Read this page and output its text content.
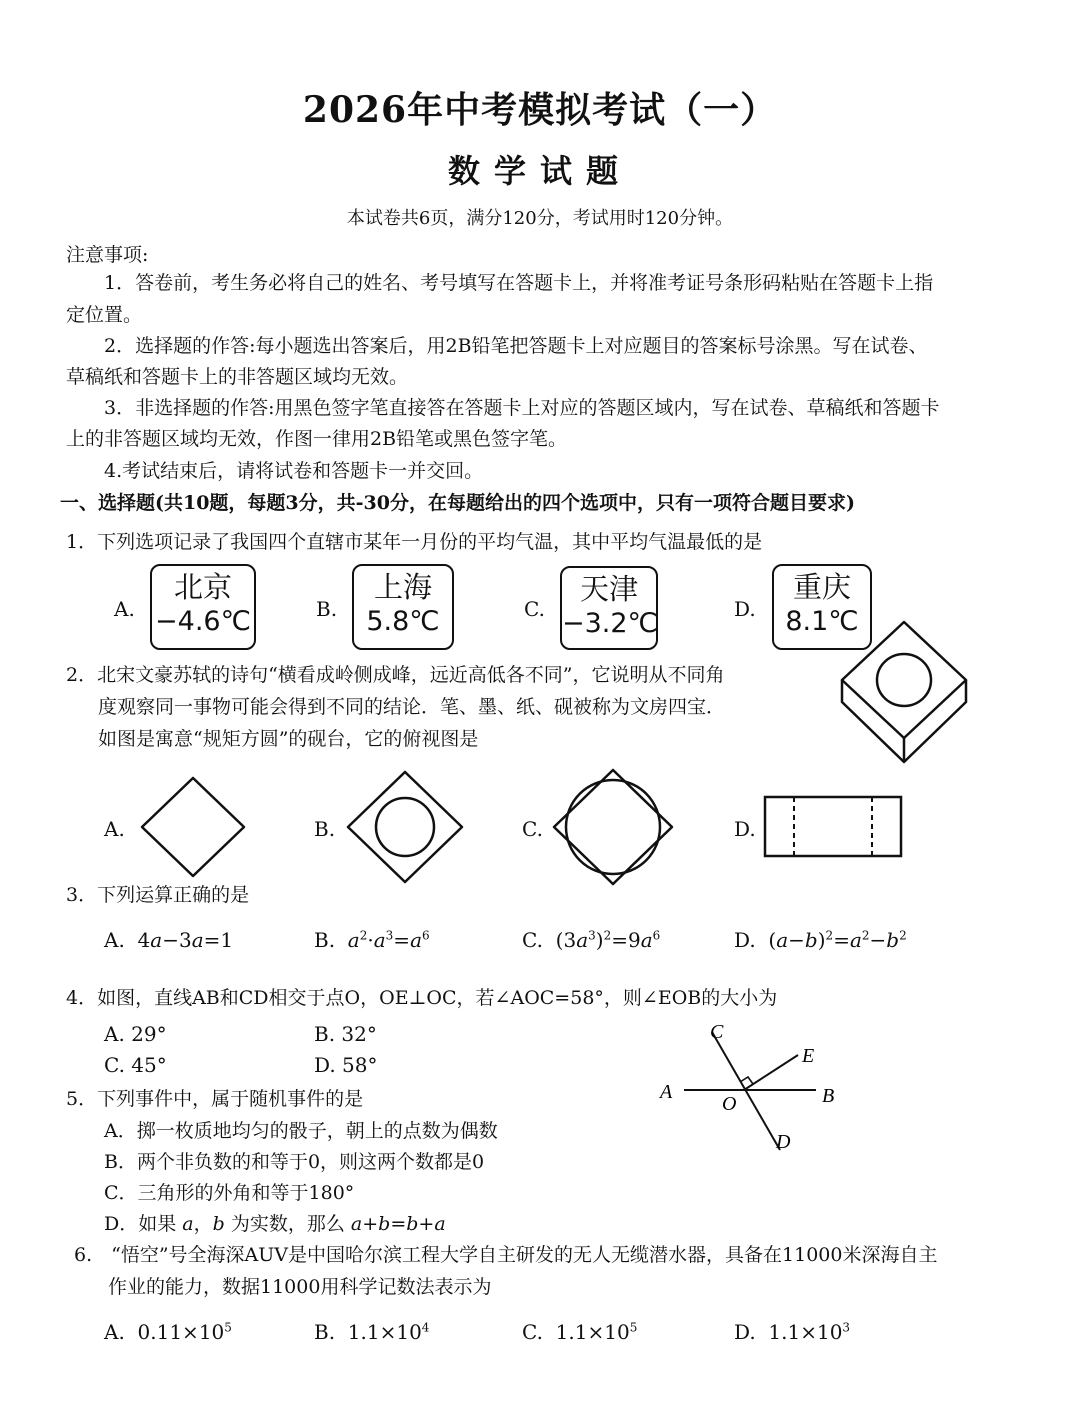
2026年中考模拟考试（一）
数学试题
本试卷共6页，满分120分，考试用时120分钟。
注意事项:
1．答卷前，考生务必将自己的姓名、考号填写在答题卡上，并将准考证号条形码粘贴在答题卡上指
定位置。
2．选择题的作答:每小题选出答案后，用2B铅笔把答题卡上对应题目的答案标号涂黑。写在试卷、
草稿纸和答题卡上的非答题区域均无效。
3．非选择题的作答:用黑色签字笔直接答在答题卡上对应的答题区域内，写在试卷、草稿纸和答题卡
上的非答题区域均无效，作图一律用2B铅笔或黑色签字笔。
4.考试结束后，请将试卷和答题卡一并交回。
一、选择题(共10题，每题3分，共-30分，在每题给出的四个选项中，只有一项符合题目要求)
1．下列选项记录了我国四个直辖市某年一月份的平均气温，其中平均气温最低的是
A.
北京
−4.6℃	B.
上海
5.8℃	C.
天津
−3.2℃	D.
重庆
8.1℃
2．北宋文豪苏轼的诗句“横看成岭侧成峰，远近高低各不同”，它说明从不同角
度观察同一事物可能会得到不同的结论．笔、墨、纸、砚被称为文房四宝．
如图是寓意“规矩方圆”的砚台，它的俯视图是
A.	B.	C.	D.
3．下列运算正确的是
A.  4a−3a=1	B. $a^2\cdot a^3=a^6$	C.  $(3a^3)^2=9a^6$	D.  $(a-b)^2=a^2-b^2$
4．如图，直线AB和CD相交于点O，OE⊥OC，若∠AOC=58°，则∠EOB的大小为
A. 29°	B. 32°
C. 45°	D. 58°
C
E
A
O	B
D
5．下列事件中，属于随机事件的是
A．掷一枚质地均匀的骰子，朝上的点数为偶数
B．两个非负数的和等于0，则这两个数都是0
C．三角形的外角和等于180°
D．如果 a，b 为实数，那么 a+b=b+a
6.　“悟空”号全海深AUV是中国哈尔滨工程大学自主研发的无人无缆潜水器，具备在11000米深海自主
作业的能力，数据11000用科学记数法表示为
A.  $0.11\times 10^5$	B.  $1.1\times 10^4$	C.  $1.1\times 10^5$	D.  $1.1\times 10^3$
